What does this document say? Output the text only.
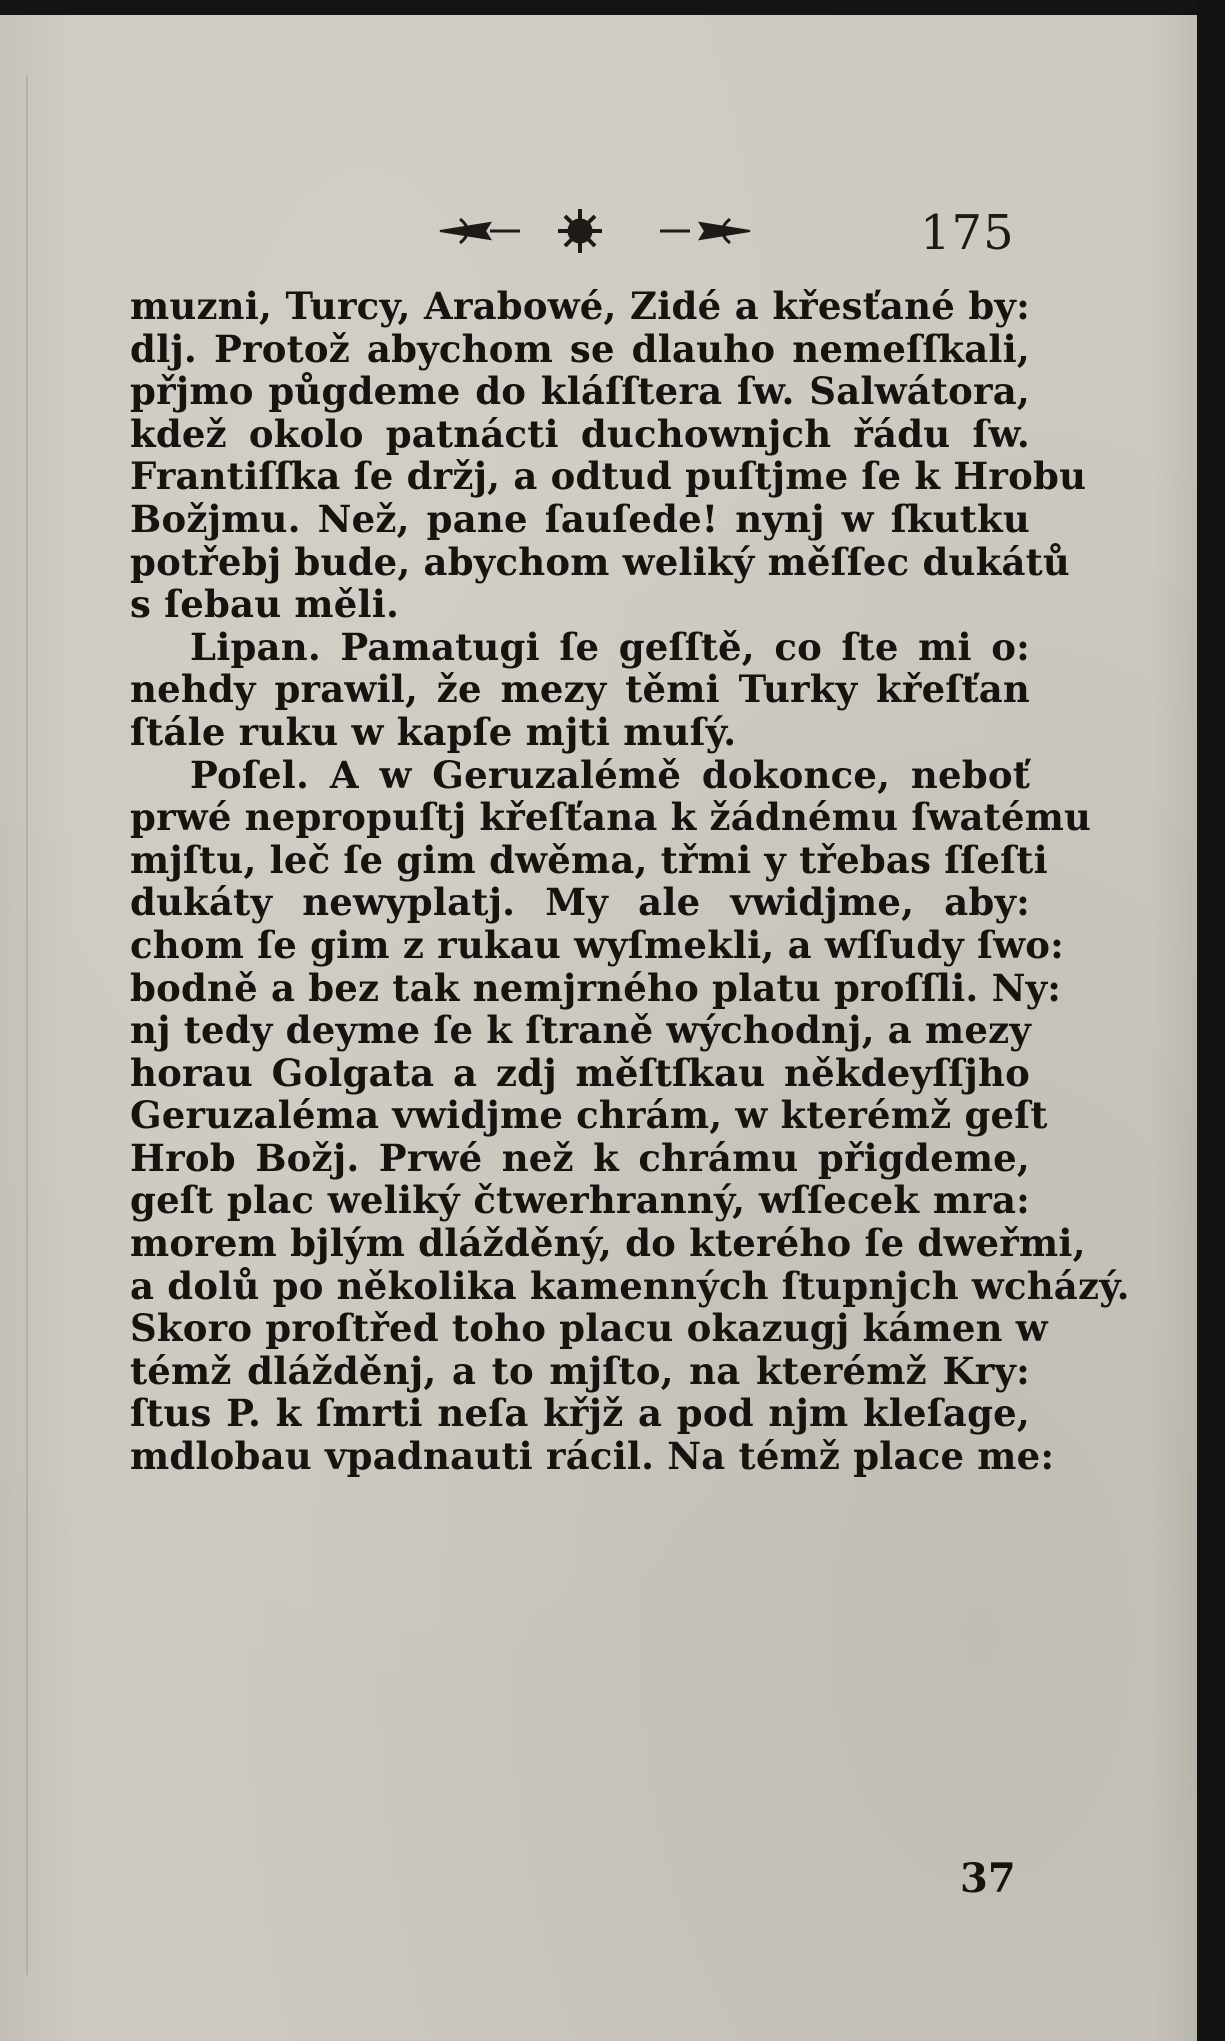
175
muzni, Turcy, Arabowé, Zidé a křesťané by:
dlj. Protož abychom se dlauho nemeſſkali,
přjmo půgdeme do kláſſtera ſw. Salwátora,
kdež okolo patnácti duchownjch řádu ſw.
Frantiſſka ſe držj, a odtud puſtjme ſe k Hrobu
Božjmu. Než, pane ſauſede! nynj w ſkutku
potřebj bude, abychom weliký měſſec dukátů
s ſebau měli.
Lipan. Pamatugi ſe geſſtě, co ſte mi o:
nehdy prawil, že mezy těmi Turky křeſťan
ſtále ruku w kapſe mjti muſý.
Poſel. A w Geruzalémě dokonce, neboť
prwé nepropuſtj křeſťana k žádnému ſwatému
mjſtu, leč ſe gim dwěma, třmi y třebas ſſeſti
dukáty newyplatj. My ale vwidjme, aby:
chom ſe gim z rukau wyſmekli, a wſſudy ſwo:
bodně a bez tak nemjrného platu proſſli. Ny:
nj tedy deyme ſe k ſtraně wýchodnj, a mezy
horau Golgata a zdj měſtſkau někdeyſſjho
Geruzaléma vwidjme chrám, w kterémž geſt
Hrob Božj. Prwé než k chrámu přigdeme,
geſt plac weliký čtwerhranný, wſſecek mra:
morem bjlým dlážděný, do kterého ſe dweřmi,
a dolů po několika kamenných ſtupnjch wcházý.
Skoro proſtřed toho placu okazugj kámen w
témž dlážděnj, a to mjſto, na kterémž Kry:
ſtus P. k ſmrti neſa křjž a pod njm kleſage,
mdlobau vpadnauti rácil. Na témž place me:
37
